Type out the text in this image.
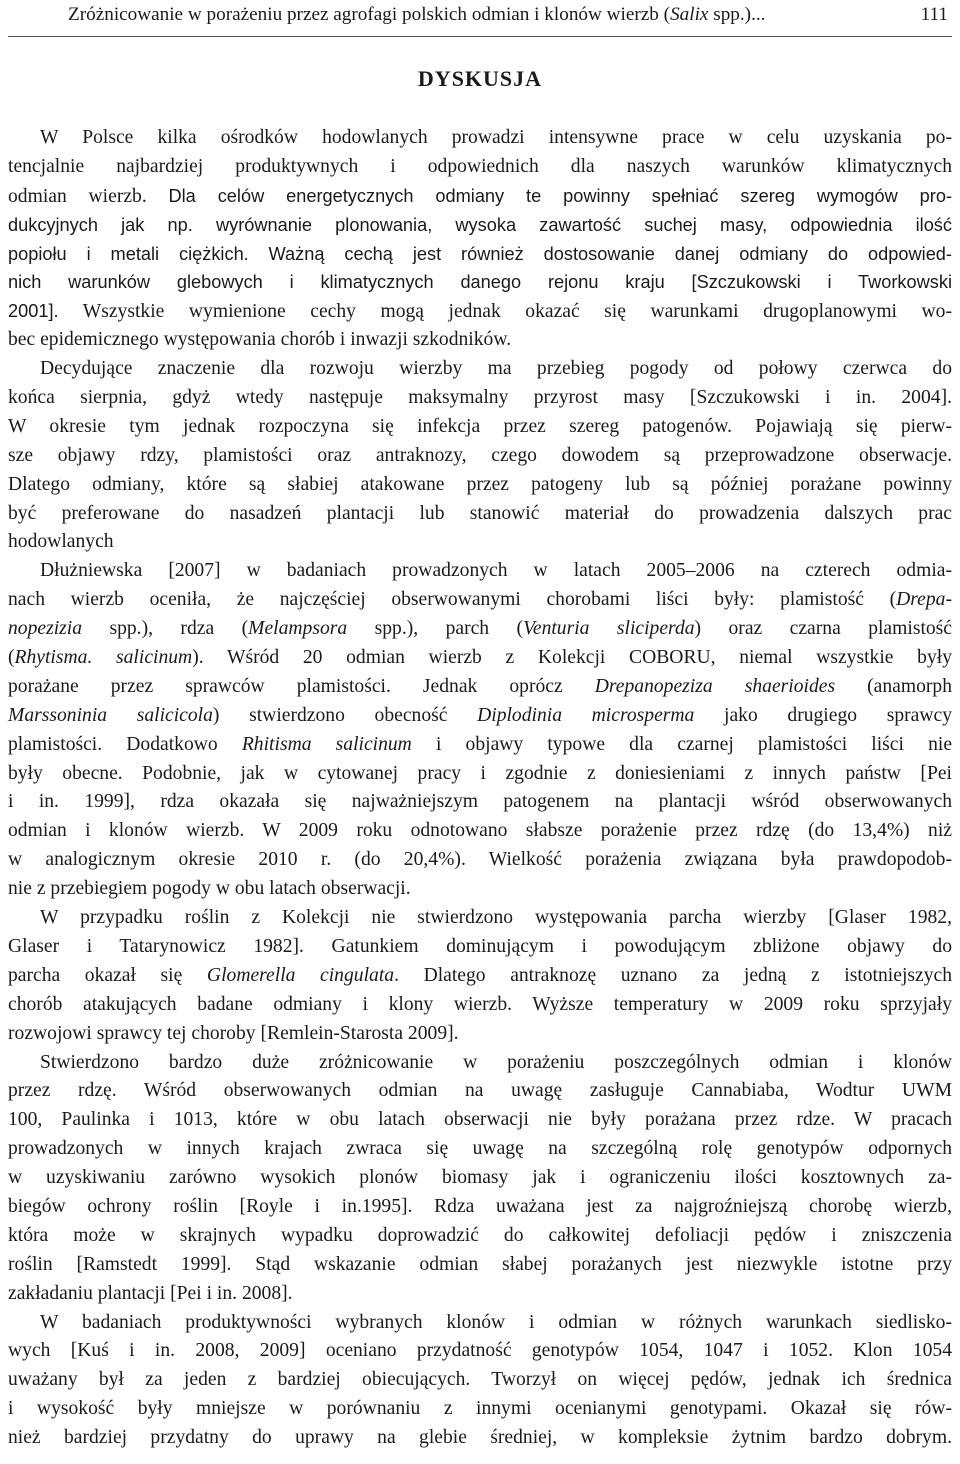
Zróżnicowanie w porażeniu przez agrofagi polskich odmian i klonów wierzb (Salix spp.)...	111
DYSKUSJA
W Polsce kilka ośrodków hodowlanych prowadzi intensywne prace w celu uzyskania po-
tencjalnie najbardziej produktywnych i odpowiednich dla naszych warunków klimatycznych
odmian wierzb. Dla celów energetycznych odmiany te powinny spełniać szereg wymogów pro-
dukcyjnych jak np. wyrównanie plonowania, wysoka zawartość suchej masy, odpowiednia ilość
popiołu i metali ciężkich. Ważną cechą jest również dostosowanie danej odmiany do odpowied-
nich warunków glebowych i klimatycznych danego rejonu kraju [Szczukowski i Tworkowski
2001]. Wszystkie wymienione cechy mogą jednak okazać się warunkami drugoplanowymi wo-
bec epidemicznego występowania chorób i inwazji szkodników.
Decydujące znaczenie dla rozwoju wierzby ma przebieg pogody od połowy czerwca do
końca sierpnia, gdyż wtedy następuje maksymalny przyrost masy [Szczukowski i in. 2004].
W okresie tym jednak rozpoczyna się infekcja przez szereg patogenów. Pojawiają się pierw-
sze objawy rdzy, plamistości oraz antraknozy, czego dowodem są przeprowadzone obserwacje.
Dlatego odmiany, które są słabiej atakowane przez patogeny lub są później porażane powinny
być preferowane do nasadzeń plantacji lub stanowić materiał do prowadzenia dalszych prac
hodowlanych
Dłużniewska [2007] w badaniach prowadzonych w latach 2005–2006 na czterech odmia-
nach wierzb oceniła, że najczęściej obserwowanymi chorobami liści były: plamistość (Drepa-
nopezizia spp.), rdza (Melampsora spp.), parch (Venturia sliciperda) oraz czarna plamistość
(Rhytisma. salicinum). Wśród 20 odmian wierzb z Kolekcji COBORU, niemal wszystkie były
porażane przez sprawców plamistości. Jednak oprócz Drepanopeziza shaerioides (anamorph
Marssoninia salicicola) stwierdzono obecność Diplodinia microsperma jako drugiego sprawcy
plamistości. Dodatkowo Rhitisma salicinum i objawy typowe dla czarnej plamistości liści nie
były obecne. Podobnie, jak w cytowanej pracy i zgodnie z doniesieniami z innych państw [Pei
i in. 1999], rdza okazała się najważniejszym patogenem na plantacji wśród obserwowanych
odmian i klonów wierzb. W 2009 roku odnotowano słabsze porażenie przez rdzę (do 13,4%) niż
w analogicznym okresie 2010 r. (do 20,4%). Wielkość porażenia związana była prawdopodob-
nie z przebiegiem pogody w obu latach obserwacji.
W przypadku roślin z Kolekcji nie stwierdzono występowania parcha wierzby [Glaser 1982,
Glaser i Tatarynowicz 1982]. Gatunkiem dominującym i powodującym zbliżone objawy do
parcha okazał się Glomerella cingulata. Dlatego antraknozę uznano za jedną z istotniejszych
chorób atakujących badane odmiany i klony wierzb. Wyższe temperatury w 2009 roku sprzyjały
rozwojowi sprawcy tej choroby [Remlein-Starosta 2009].
Stwierdzono bardzo duże zróżnicowanie w porażeniu poszczególnych odmian i klonów
przez rdzę. Wśród obserwowanych odmian na uwagę zasługuje Cannabiaba, Wodtur UWM
100, Paulinka i 1013, które w obu latach obserwacji nie były porażana przez rdze. W pracach
prowadzonych w innych krajach zwraca się uwagę na szczególną rolę genotypów odpornych
w uzyskiwaniu zarówno wysokich plonów biomasy jak i ograniczeniu ilości kosztownych za-
biegów ochrony roślin [Royle i in.1995]. Rdza uważana jest za najgroźniejszą chorobę wierzb,
która może w skrajnych wypadku doprowadzić do całkowitej defoliacji pędów i zniszczenia
roślin [Ramstedt 1999]. Stąd wskazanie odmian słabej porażanych jest niezwykle istotne przy
zakładaniu plantacji [Pei i in. 2008].
W badaniach produktywności wybranych klonów i odmian w różnych warunkach siedlisko-
wych [Kuś i in. 2008, 2009] oceniano przydatność genotypów 1054, 1047 i 1052. Klon 1054
uważany był za jeden z bardziej obiecujących. Tworzył on więcej pędów, jednak ich średnica
i wysokość były mniejsze w porównaniu z innymi ocenianymi genotypami. Okazał się rów-
nież bardziej przydatny do uprawy na glebie średniej, w kompleksie żytnim bardzo dobrym.
